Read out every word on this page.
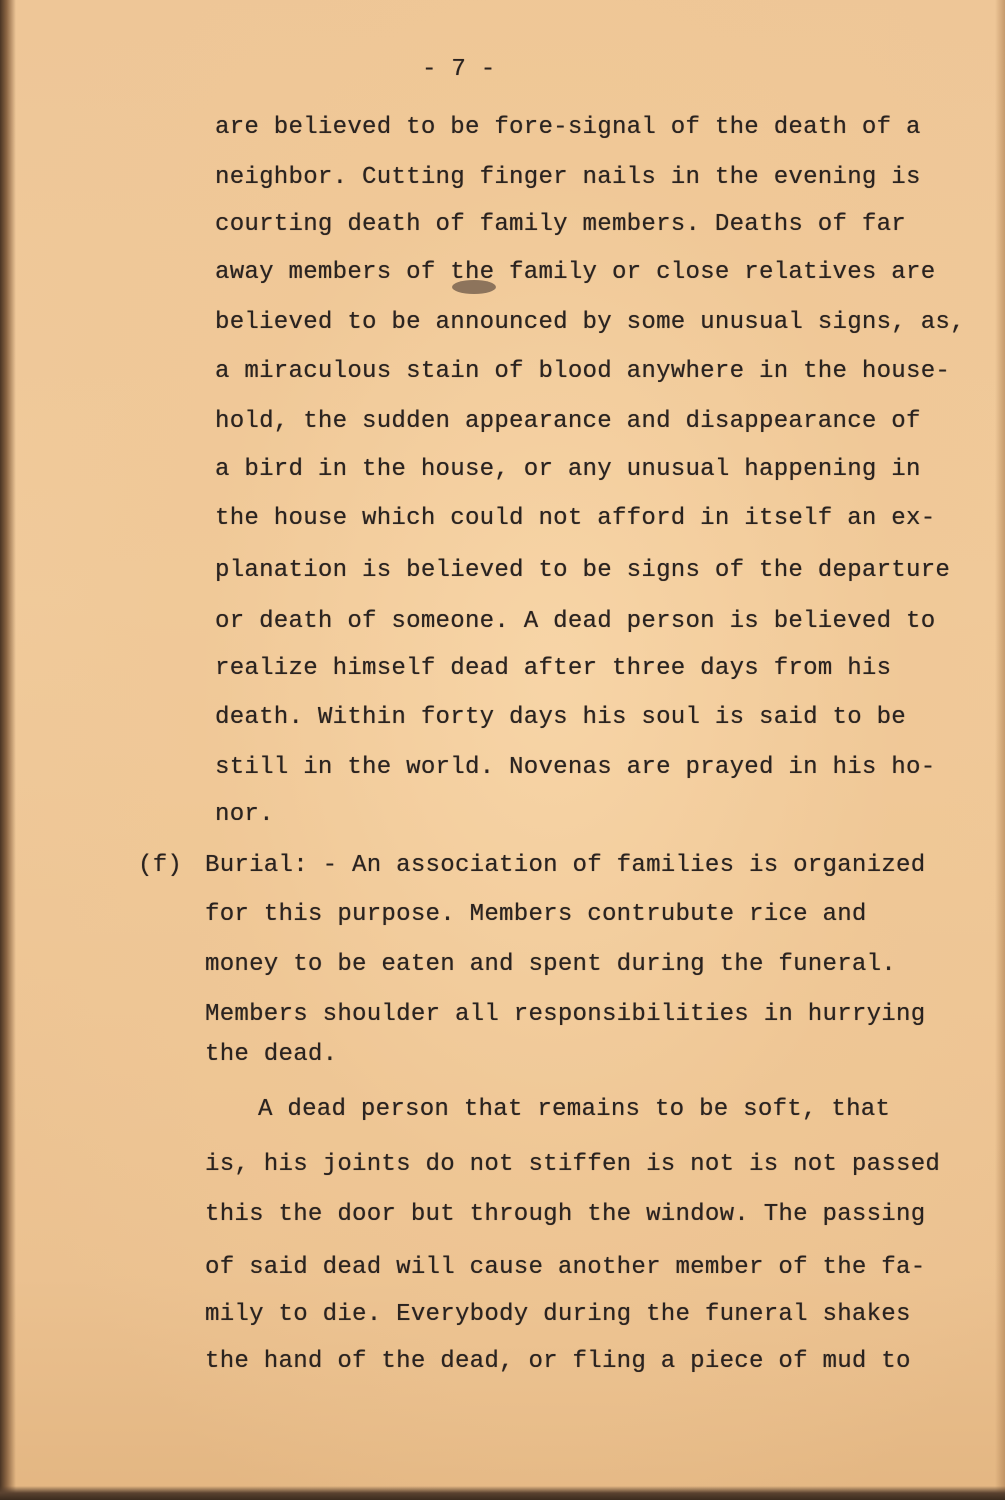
- 7 -
are believed to be fore-signal of the death of a
neighbor. Cutting finger nails in the evening is
courting death of family members. Deaths of far
away members of the family or close relatives are
believed to be announced by some unusual signs, as,
a miraculous stain of blood anywhere in the house-
hold, the sudden appearance and disappearance of
a bird in the house, or any unusual happening in
the house which could not afford in itself an ex-
planation is believed to be signs of the departure
or death of someone. A dead person is believed to
realize himself dead after three days from his
death. Within forty days his soul is said to be
still in the world. Novenas are prayed in his ho-
nor.
(f) Burial: - An association of families is organized
for this purpose. Members contrubute rice and
money to be eaten and spent during the funeral.
Members shoulder all responsibilities in hurrying
the dead.
A dead person that remains to be soft, that
is, his joints do not stiffen is not is not passed
this the door but through the window. The passing
of said dead will cause another member of the fa-
mily to die. Everybody during the funeral shakes
the hand of the dead, or fling a piece of mud to
